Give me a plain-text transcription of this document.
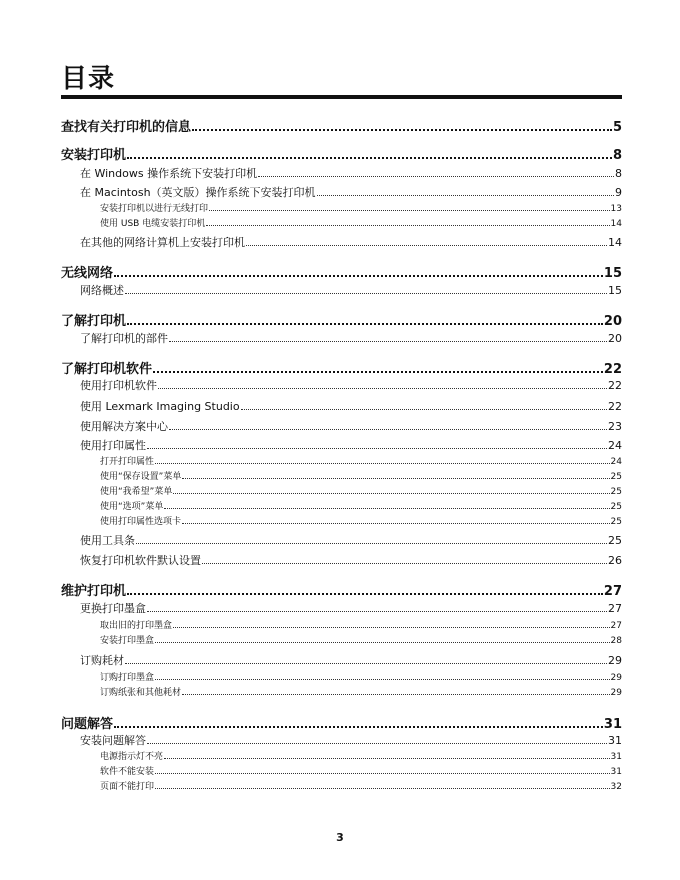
目录
查找有关打印机的信息	5
安装打印机	8
在 Windows 操作系统下安装打印机	8
在 Macintosh（英文版）操作系统下安装打印机	9
安装打印机以进行无线打印	13
使用 USB 电缆安装打印机	14
在其他的网络计算机上安装打印机	14
无线网络	15
网络概述	15
了解打印机	20
了解打印机的部件	20
了解打印机软件	22
使用打印机软件	22
使用 Lexmark Imaging Studio	22
使用解决方案中心	23
使用打印属性	24
打开打印属性	24
使用“保存设置”菜单	25
使用“我希望”菜单	25
使用“选项”菜单	25
使用打印属性选项卡	25
使用工具条	25
恢复打印机软件默认设置	26
维护打印机	27
更换打印墨盒	27
取出旧的打印墨盒	27
安装打印墨盒	28
订购耗材	29
订购打印墨盒	29
订购纸张和其他耗材	29
问题解答	31
安装问题解答	31
电源指示灯不亮	31
软件不能安装	31
页面不能打印	32
3
